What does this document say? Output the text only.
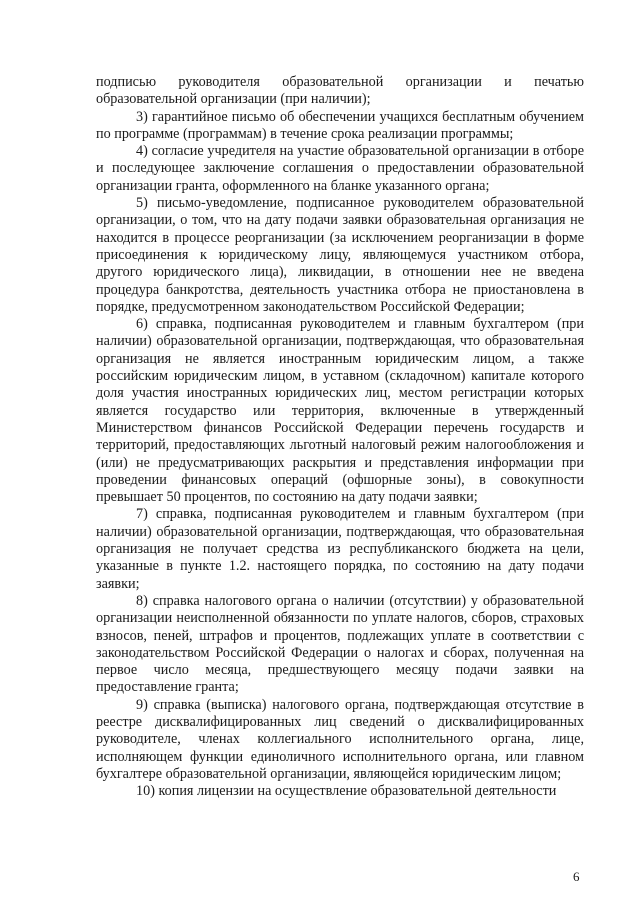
подписью руководителя образовательной организации и печатью образовательной организации (при наличии);

3) гарантийное письмо об обеспечении учащихся бесплатным обучением по программе (программам) в течение срока реализации программы;

4) согласие учредителя на участие образовательной организации в отборе и последующее заключение соглашения о предоставлении образовательной организации гранта, оформленного на бланке указанного органа;

5) письмо-уведомление, подписанное руководителем образовательной организации, о том, что на дату подачи заявки образовательная организация не находится в процессе реорганизации (за исключением реорганизации в форме присоединения к юридическому лицу, являющемуся участником отбора, другого юридического лица), ликвидации, в отношении нее не введена процедура банкротства, деятельность участника отбора не приостановлена в порядке, предусмотренном законодательством Российской Федерации;

6) справка, подписанная руководителем и главным бухгалтером (при наличии) образовательной организации, подтверждающая, что образовательная организация не является иностранным юридическим лицом, а также российским юридическим лицом, в уставном (складочном) капитале которого доля участия иностранных юридических лиц, местом регистрации которых является государство или территория, включенные в утвержденный Министерством финансов Российской Федерации перечень государств и территорий, предоставляющих льготный налоговый режим налогообложения и (или) не предусматривающих раскрытия и представления информации при проведении финансовых операций (офшорные зоны), в совокупности превышает 50 процентов, по состоянию на дату подачи заявки;

7) справка, подписанная руководителем и главным бухгалтером (при наличии) образовательной организации, подтверждающая, что образовательная организация не получает средства из республиканского бюджета на цели, указанные в пункте 1.2. настоящего порядка, по состоянию на дату подачи заявки;

8) справка налогового органа о наличии (отсутствии) у образовательной организации неисполненной обязанности по уплате налогов, сборов, страховых взносов, пеней, штрафов и процентов, подлежащих уплате в соответствии с законодательством Российской Федерации о налогах и сборах, полученная на первое число месяца, предшествующего месяцу подачи заявки на предоставление гранта;

9) справка (выписка) налогового органа, подтверждающая отсутствие в реестре дисквалифицированных лиц сведений о дисквалифицированных руководителе, членах коллегиального исполнительного органа, лице, исполняющем функции единоличного исполнительного органа, или главном бухгалтере образовательной организации, являющейся юридическим лицом;

10) копия лицензии на осуществление образовательной деятельности

6
